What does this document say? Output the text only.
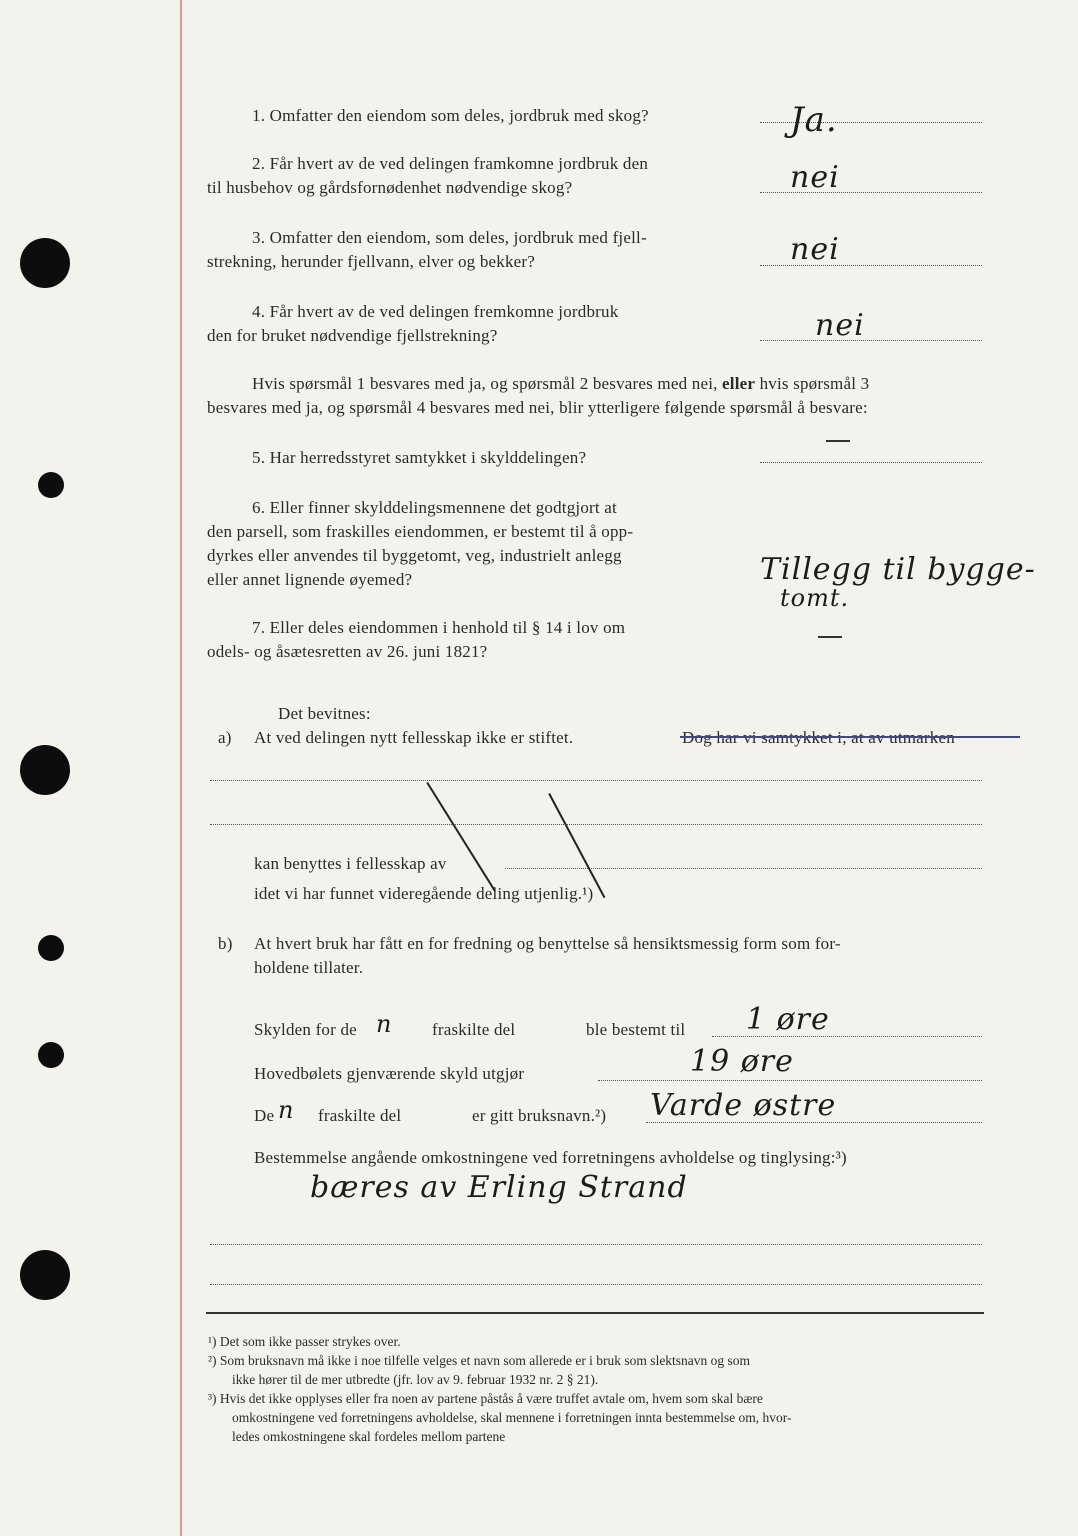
1. Omfatter den eiendom som deles, jordbruk med skog?	Ja.
2. Får hvert av de ved delingen framkomne jordbruk den
til husbehov og gårdsfornødenhet nødvendige skog?	nei
3. Omfatter den eiendom, som deles, jordbruk med fjell-
strekning, herunder fjellvann, elver og bekker?	nei
4. Får hvert av de ved delingen fremkomne jordbruk
den for bruket nødvendige fjellstrekning?	nei
Hvis spørsmål 1 besvares med ja, og spørsmål 2 besvares med nei, eller hvis spørsmål 3
besvares med ja, og spørsmål 4 besvares med nei, blir ytterligere følgende spørsmål å besvare:
5. Har herredsstyret samtykket i skylddelingen?
6. Eller finner skylddelingsmennene det godtgjort at
den parsell, som fraskilles eiendommen, er bestemt til å opp-
dyrkes eller anvendes til byggetomt, veg, industrielt anlegg
eller annet lignende øyemed?	Tillegg til bygge-
tomt.
7. Eller deles eiendommen i henhold til § 14 i lov om
odels- og åsætesretten av 26. juni 1821?
Det bevitnes:
a) At ved delingen nytt fellesskap ikke er stiftet.
kan benyttes i fellesskap av
idet vi har funnet videregående deling utjenlig.¹)
b) At hvert bruk har fått en for fredning og benyttelse så hensiktsmessig form som for-
holdene tillater.
Skylden for de n fraskilte del	ble bestemt til 1 øre
Hovedbølets gjenværende skyld utgjør	19 øre
De n fraskilte del	er gitt bruksnavn.²) Varde østre
Bestemmelse angående omkostningene ved forretningens avholdelse og tinglysing:³)
bæres av Erling Strand
¹) Det som ikke passer strykes over.
²) Som bruksnavn må ikke i noe tilfelle velges et navn som allerede er i bruk som slektsnavn og som
ikke hører til de mer utbredte (jfr. lov av 9. februar 1932 nr. 2 § 21).
³) Hvis det ikke opplyses eller fra noen av partene påstås å være truffet avtale om, hvem som skal bære
omkostningene ved forretningens avholdelse, skal mennene i forretningen innta bestemmelse om, hvor-
ledes omkostningene skal fordeles mellom partene
